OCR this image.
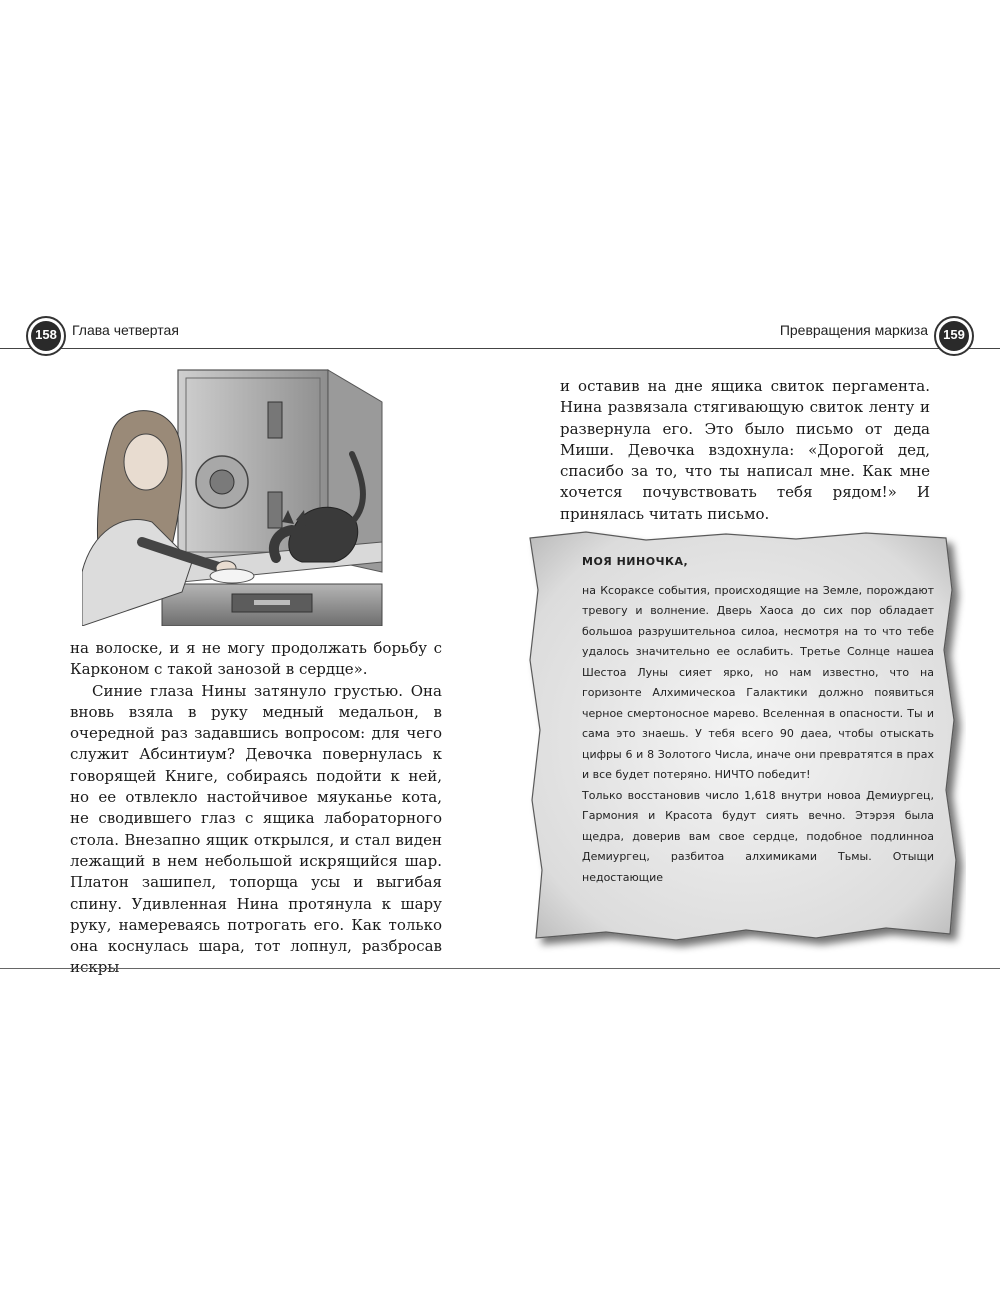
158	Глава четвертая	Превращения маркиза	159

и оставив на дне ящика свиток пергамента. Нина развязала стягивающую свиток ленту и развернула его. Это было письмо от деда Миши. Девочка вздохнула: «Дорогой дед, спасибо за то, что ты написал мне. Как мне хочется почувствовать тебя рядом!» И принялась читать письмо.

МОЯ НИНОЧКА,

на Ксораксе события, происходящие на Земле, порождают тревогу и волнение. Дверь Хаоса до сих пор обладает большоа разрушительноа силоа, несмотря на то что тебе удалось значительно ее ослабить. Третье Солнце нашеа Шестоа Луны сияет ярко, но нам известно, что на горизонте Алхимическоа Галактики должно появиться черное смертоносное марево. Вселенная в опасности. Ты и сама это знаешь. У тебя всего 90 даеа, чтобы отыскать цифры 6 и 8 Золотого Числа, иначе они превратятся в прах и все будет потеряно. НИЧТО победит!

Только восстановив число 1,618 внутри новоа Демиургец, Гармония и Красота будут сиять вечно. Этэрэя была щедра, доверив вам свое сердце, подобное подлинноа Демиургец, разбитоа алхимиками Тьмы. Отыщи недостающие

на волоске, и я не могу продолжать борьбу с Карконом с такой занозой в сердце».

Синие глаза Нины затянуло грустью. Она вновь взяла в руку медный медальон, в очередной раз задавшись вопросом: для чего служит Абсинтиум? Девочка повернулась к говорящей Книге, собираясь подойти к ней, но ее отвлекло настойчивое мяуканье кота, не сводившего глаз с ящика лабораторного стола. Внезапно ящик открылся, и стал виден лежащий в нем небольшой искрящийся шар. Платон зашипел, топорща усы и выгибая спину. Удивленная Нина протянула к шару руку, намереваясь потрогать его. Как только она коснулась шара, тот лопнул, разбросав искры
